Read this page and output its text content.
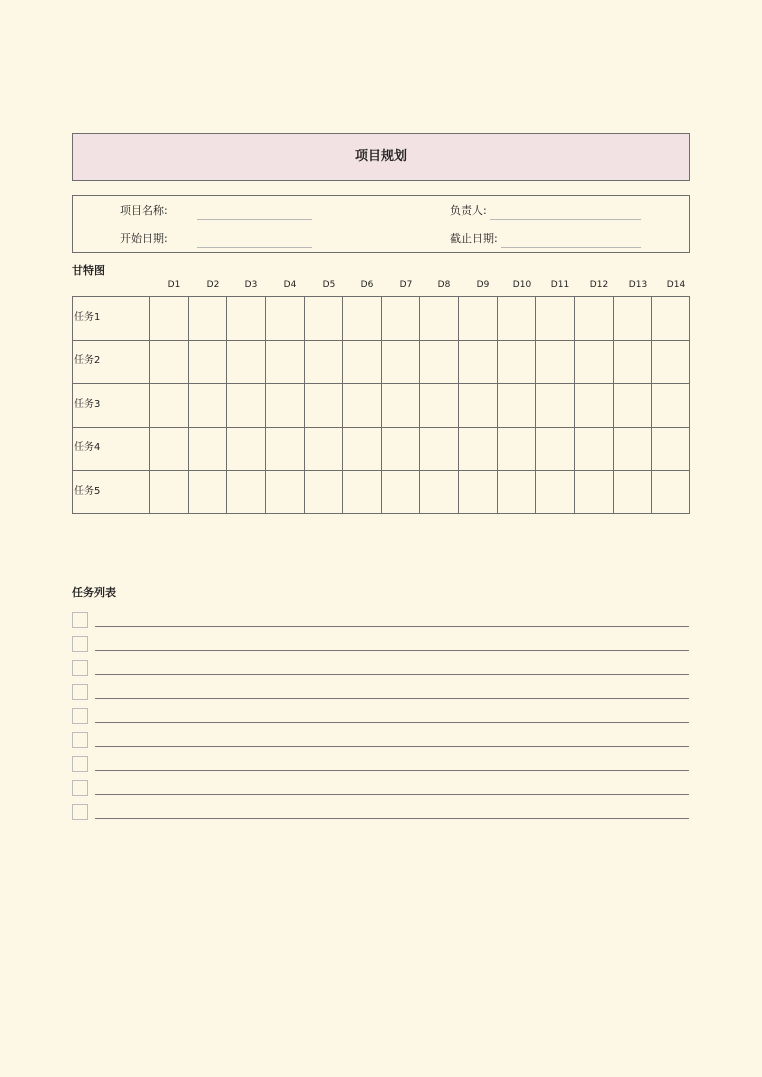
项目规划
项目名称:	负责人:
开始日期:	截止日期:
甘特图
D1	D2	D3	D4	D5	D6	D7	D8	D9	D10	D11	D12	D13	D14
任务1
任务2
任务3
任务4
任务5
任务列表
